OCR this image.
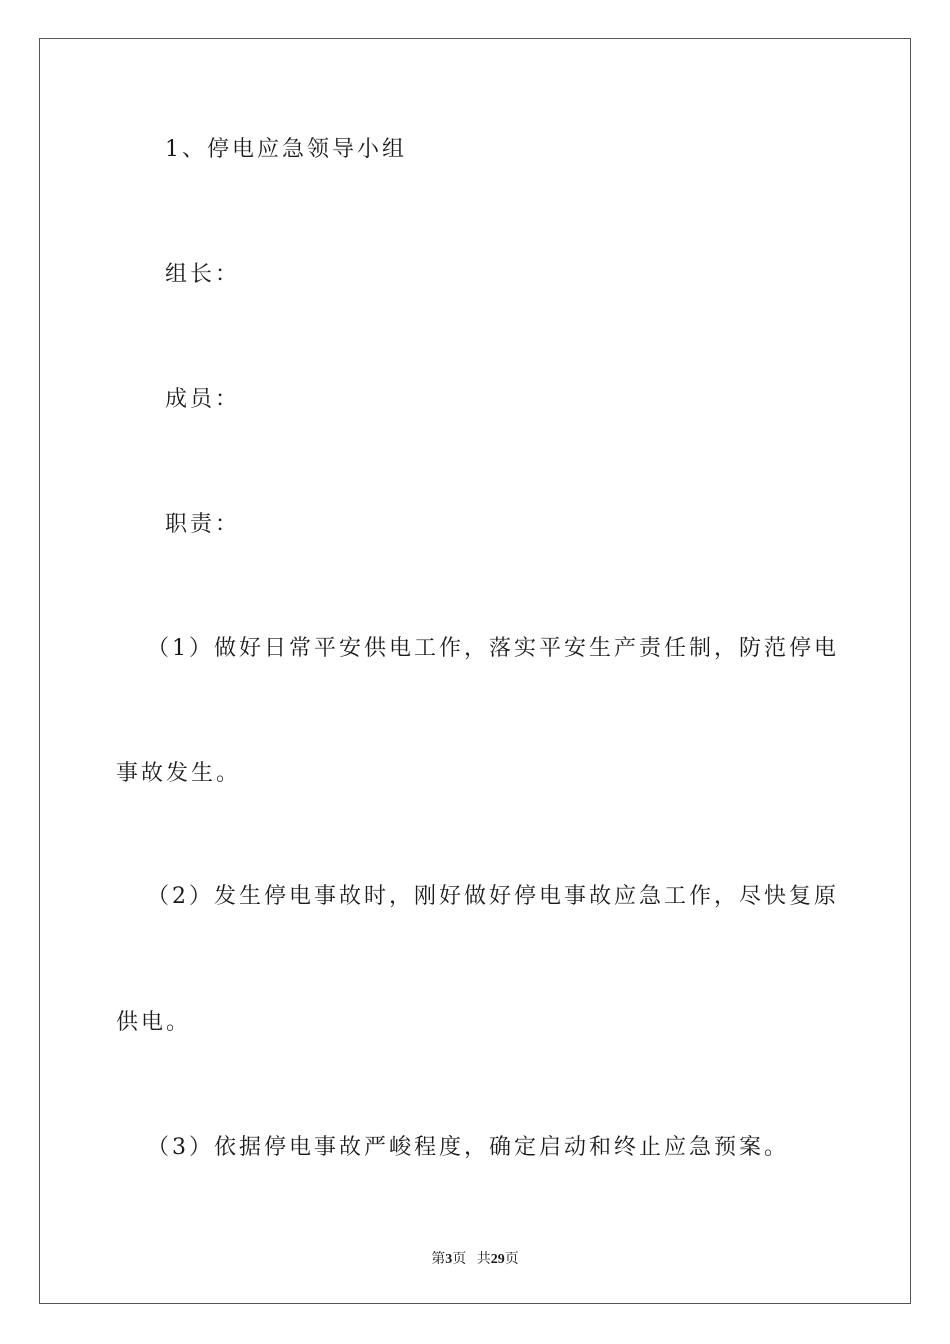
1、停电应急领导小组
组长：
成员：
职责：
（1）做好日常平安供电工作，落实平安生产责任制，防范停电
事故发生。
（2）发生停电事故时，刚好做好停电事故应急工作，尽快复原
供电。
（3）依据停电事故严峻程度，确定启动和终止应急预案。
第3页 共29页
